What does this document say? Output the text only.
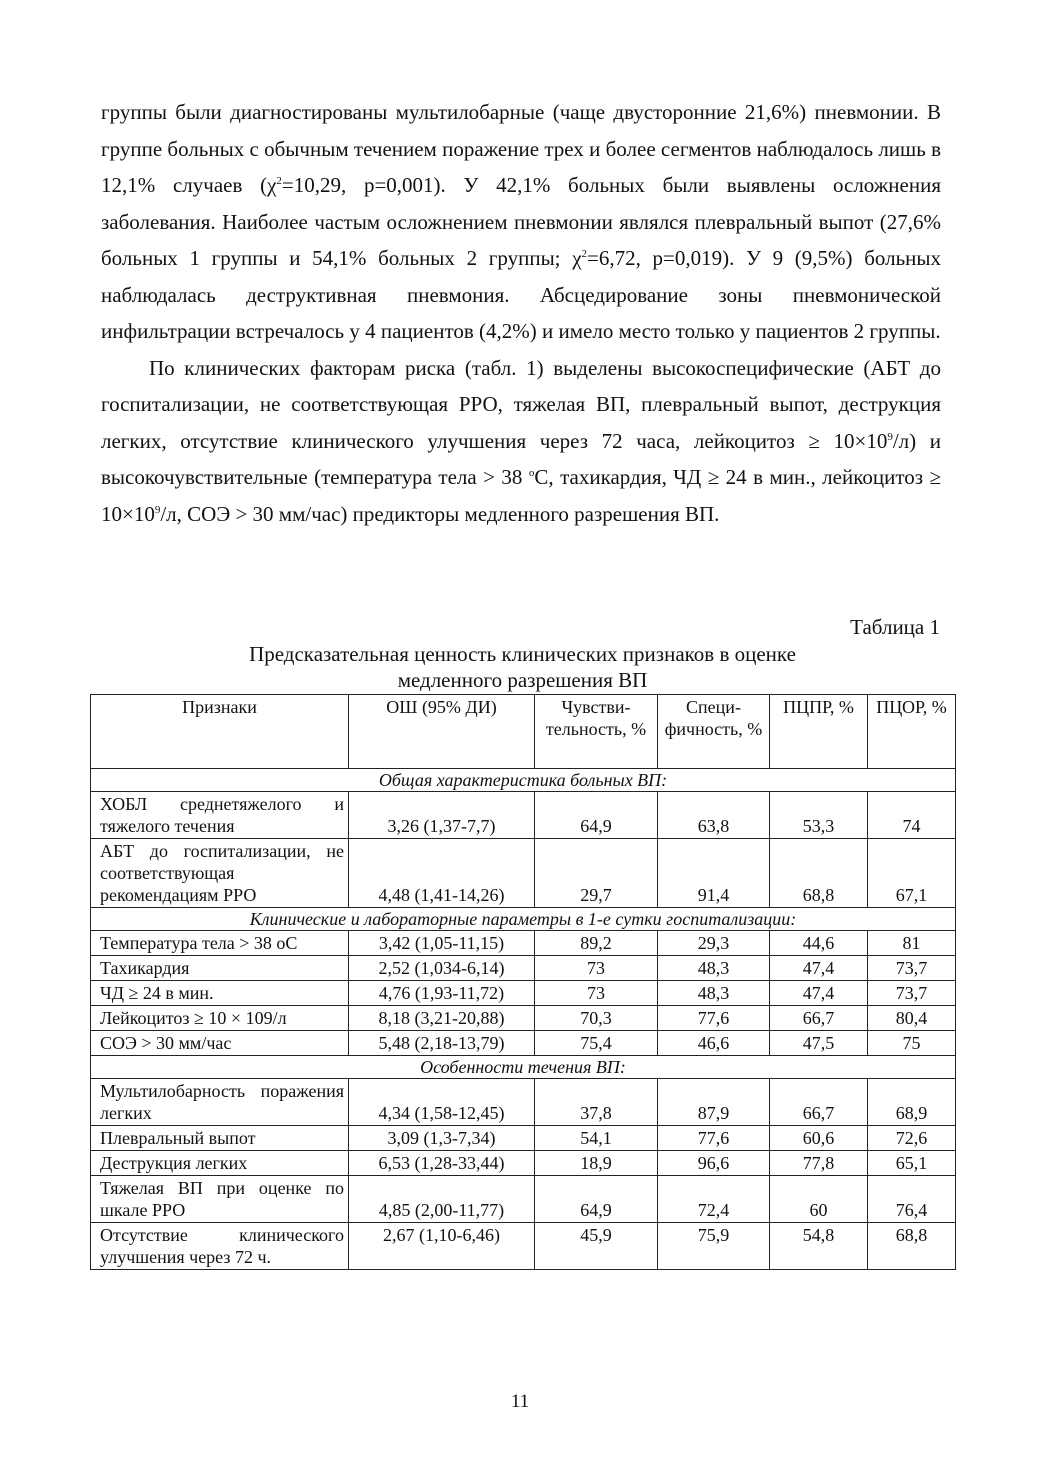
группы были диагностированы мультилобарные (чаще двусторонние 21,6%) пневмонии. В группе больных с обычным течением поражение трех и более сегментов наблюдалось лишь в 12,1% случаев ($\chi^2=10,29$, p=0,001). У 42,1% больных были выявлены осложнения заболевания. Наиболее частым осложнением пневмонии являлся плевральный выпот (27,6% больных 1 группы и 54,1% больных 2 группы; $\chi^2=6,72$, p=0,019). У 9 (9,5%) больных наблюдалась деструктивная пневмония. Абсцедирование зоны пневмонической инфильтрации встречалось у 4 пациентов (4,2%) и имело место только у пациентов 2 группы.

По клинических факторам риска (табл. 1) выделены высокоспецифические (АБТ до госпитализации, не соответствующая РРО, тяжелая ВП, плевральный выпот, деструкция легких, отсутствие клинического улучшения через 72 часа, лейкоцитоз ≥ $10\times 10^9/л$) и высокочувствительные (температура тела > 38 $^о$С, тахикардия, ЧД ≥ 24 в мин., лейкоцитоз ≥ $10\times 10^9/л$, СОЭ > 30 мм/час) предикторы медленного разрешения ВП.

Таблица 1
Предсказательная ценность клинических признаков в оценке
медленного разрешения ВП
Признаки	ОШ (95% ДИ)	Чувстви-тельность, %	Специ-фичность, %	ПЦПР, %	ПЦОР, %
Общая характеристика больных ВП:					
ХОБЛ среднетяжелого и тяжелого течения	3,26 (1,37-7,7)	64,9	63,8	53,3	74
АБТ до госпитализации, не соответствующая рекомендациям РРО	4,48 (1,41-14,26)	29,7	91,4	68,8	67,1
Клинические и лабораторные параметры в 1-е сутки госпитализации:					
Температура тела > 38 оС	3,42 (1,05-11,15)	89,2	29,3	44,6	81
Тахикардия	2,52 (1,034-6,14)	73	48,3	47,4	73,7
ЧД ≥ 24 в мин.	4,76 (1,93-11,72)	73	48,3	47,4	73,7
Лейкоцитоз ≥ 10 × 109/л	8,18 (3,21-20,88)	70,3	77,6	66,7	80,4
СОЭ > 30 мм/час	5,48 (2,18-13,79)	75,4	46,6	47,5	75
Особенности течения ВП:					
Мультилобарность поражения легких	4,34 (1,58-12,45)	37,8	87,9	66,7	68,9
Плевральный выпот	3,09 (1,3-7,34)	54,1	77,6	60,6	72,6
Деструкция легких	6,53 (1,28-33,44)	18,9	96,6	77,8	65,1
Тяжелая ВП при оценке по шкале РРО	4,85 (2,00-11,77)	64,9	72,4	60	76,4
Отсутствие клинического улучшения через 72 ч.	2,67 (1,10-6,46)	45,9	75,9	54,8	68,8
11
